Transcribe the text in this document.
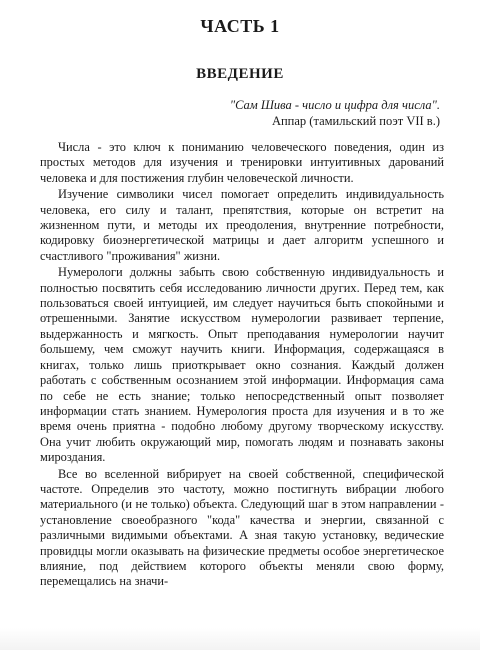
ЧАСТЬ 1
ВВЕДЕНИЕ
"Сам Шива - число и цифра для числа".
Аппар (тамильский поэт VII в.)

Числа - это ключ к пониманию человеческого поведения, один из простых методов для изучения и тренировки интуитивных дарований человека и для постижения глубин человеческой личности.

Изучение символики чисел помогает определить индивидуальность человека, его силу и талант, препятствия, которые он встретит на жизненном пути, и методы их преодоления, внутренние потребности, кодировку биоэнергетической матрицы и дает алгоритм успешного и счастливого "проживания" жизни.

Нумерологи должны забыть свою собственную индивидуальность и полностью посвятить себя исследованию личности других. Перед тем, как пользоваться своей интуицией, им следует научиться быть спокойными и отрешенными. Занятие искусством нумерологии развивает терпение, выдержанность и мягкость. Опыт преподавания нумерологии научит большему, чем сможут научить книги. Информация, содержащаяся в книгах, только лишь приоткрывает окно сознания. Каждый должен работать с собственным осознанием этой информации. Информация сама по себе не есть знание; только непосредственный опыт позволяет информации стать знанием. Нумерология проста для изучения и в то же время очень приятна - подобно любому другому творческому искусству. Она учит любить окружающий мир, помогать людям и познавать законы мироздания.

Все во вселенной вибрирует на своей собственной, специфической частоте. Определив это частоту, можно постигнуть вибрации любого материального (и не только) объекта. Следующий шаг в этом направлении - установление своеобразного "кода" качества и энергии, связанной с различными видимыми объектами. А зная такую установку, ведические провидцы могли оказывать на физические предметы особое энергетическое влияние, под действием которого объекты меняли свою форму, перемещались на значи-
